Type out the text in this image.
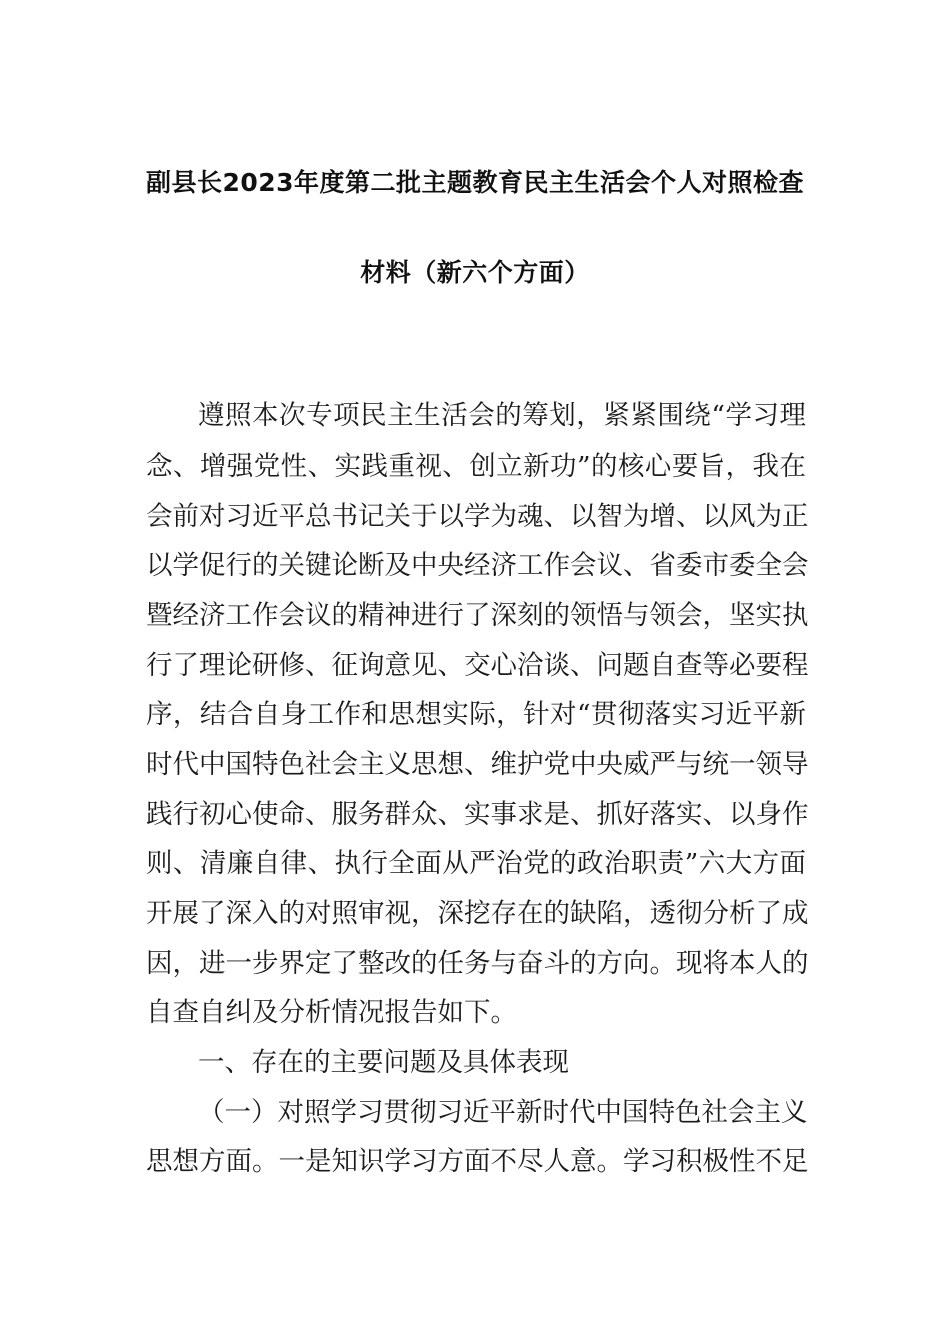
副县长2023年度第二批主题教育民主生活会个人对照检查
材料（新六个方面）
遵照本次专项民主生活会的筹划，紧紧围绕“学习理
念、增强党性、实践重视、创立新功”的核心要旨，我在
会前对习近平总书记关于以学为魂、以智为增、以风为正
以学促行的关键论断及中央经济工作会议、省委市委全会
暨经济工作会议的精神进行了深刻的领悟与领会，坚实执
行了理论研修、征询意见、交心洽谈、问题自查等必要程
序，结合自身工作和思想实际，针对“贯彻落实习近平新
时代中国特色社会主义思想、维护党中央威严与统一领导
践行初心使命、服务群众、实事求是、抓好落实、以身作
则、清廉自律、执行全面从严治党的政治职责”六大方面
开展了深入的对照审视，深挖存在的缺陷，透彻分析了成
因，进一步界定了整改的任务与奋斗的方向。现将本人的
自查自纠及分析情况报告如下。
一、存在的主要问题及具体表现
（一）对照学习贯彻习近平新时代中国特色社会主义
思想方面。一是知识学习方面不尽人意。学习积极性不足
